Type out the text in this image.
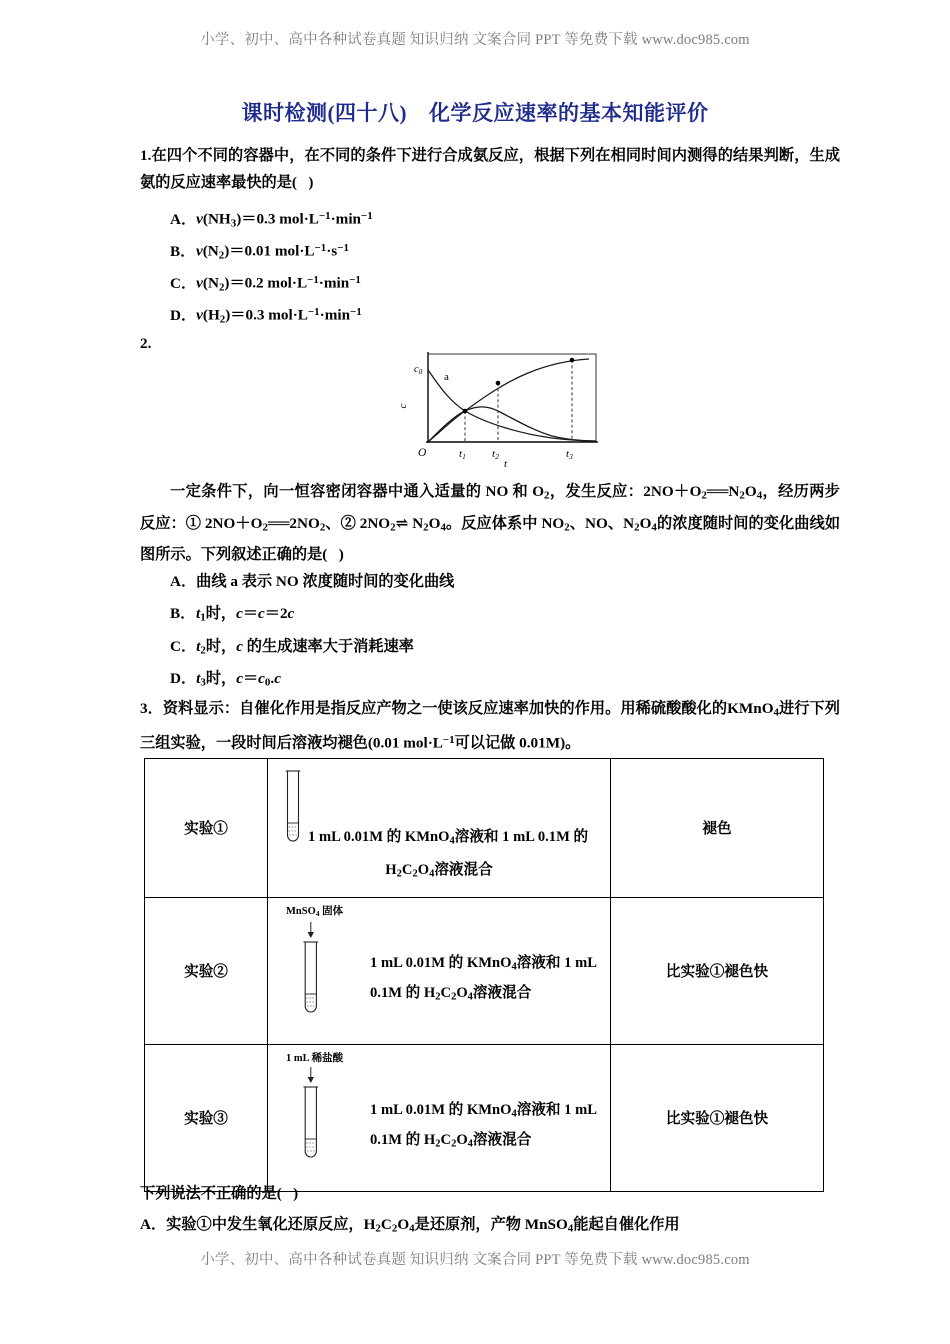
小学、初中、高中各种试卷真题 知识归纳 文案合同 PPT 等免费下载 www.doc985.com
课时检测(四十八) 化学反应速率的基本知能评价
1.在四个不同的容器中，在不同的条件下进行合成氨反应，根据下列在相同时间内测得的结果判断，生成氨的反应速率最快的是(   )
A．$v(NH_3)=0.3$ $mol\cdot L^{-1}\cdot\min^{-1}$
B．$v(N_2)=0.01$ $mol\cdot L^{-1}\cdot s^{-1}$
C．$v(N_2)=0.2$ $mol\cdot L^{-1}\cdot\min^{-1}$
D．$v(H_2)=0.3$ $mol\cdot L^{-1}\cdot\min^{-1}$
2.
c
c0 a
O	t1 t2	t3
t
一定条件下，向一恒容密闭容器中通入适量的 NO 和 $O_2$，发生反应：$2NO+O_2══N_2O_4$，经历两步反应：① $2NO+O_2══2NO_2$、② $2NO_2\rightleftharpoons$ $N_2O_4$。反应体系中 $NO_2$、NO、$N_2O_4$的浓度随时间的变化曲线如图所示。下列叙述正确的是(   )
A．曲线 a 表示 NO 浓度随时间的变化曲线
B．$t_1$时，c＝c＝2c
C．$t_2$时，c 的生成速率大于消耗速率
D．$t_3$时，$c=c_0.c$
3．资料显示：自催化作用是指反应产物之一使该反应速率加快的作用。用稀硫酸酸化的KMnO$_4$进行下列三组实验，一段时间后溶液均褪色(0.01 $mol\cdot L^{-1}$可以记做 0.01M)。
实验①	1 mL 0.01M 的 KMnO$_4$溶液和 1 mL 0.1M 的
$H_2C_2O_4$溶液混合	褪色
实验②	MnSO$_4$ 固体
1 mL 0.01M 的 KMnO$_4$溶液和 1 mL
0.1M 的 $H_2C_2O_4$溶液混合	比实验①褪色快
实验③	1 mL 稀盐酸
1 mL 0.01M 的 KMnO$_4$溶液和 1 mL
0.1M 的 $H_2C_2O_4$溶液混合	比实验①褪色快
下列说法不正确的是(   )
A．实验①中发生氧化还原反应，$H_2C_2O_4$是还原剂，产物 MnSO$_4$能起自催化作用
小学、初中、高中各种试卷真题 知识归纳 文案合同 PPT 等免费下载 www.doc985.com
